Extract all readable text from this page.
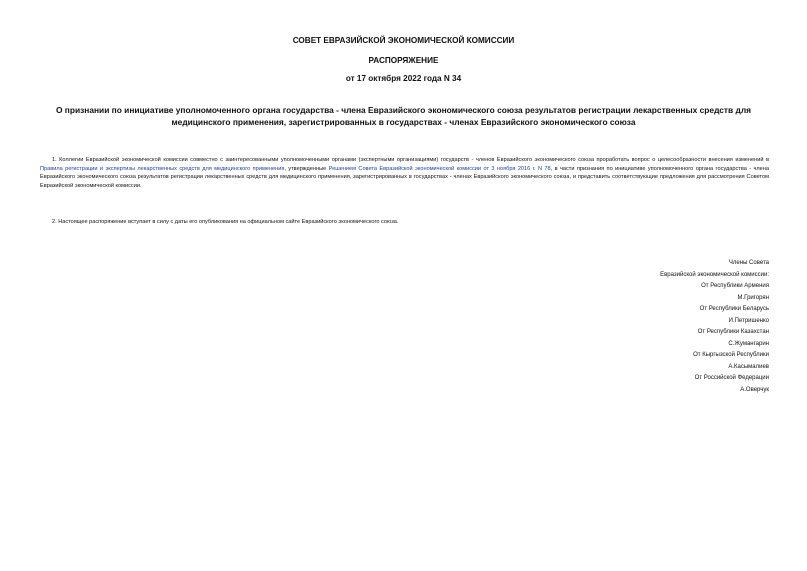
СОВЕТ ЕВРАЗИЙСКОЙ ЭКОНОМИЧЕСКОЙ КОМИССИИ

РАСПОРЯЖЕНИЕ

от 17 октября 2022 года N 34

О признании по инициативе уполномоченного органа государства - члена Евразийского экономического союза результатов регистрации лекарственных средств для медицинского применения, зарегистрированных в государствах - членах Евразийского экономического союза

1. Коллегии Евразийской экономической комиссии совместно с заинтересованными уполномоченными органами (экспертными организациями) государств - членов Евразийского экономического союза проработать вопрос о целесообразности внесения изменений в Правила регистрации и экспертизы лекарственных средств для медицинского применения, утвержденные Решением Совета Евразийской экономической комиссии от 3 ноября 2016 г. N 78, в части признания по инициативе уполномоченного органа государства - члена Евразийского экономического союза результатов регистрации лекарственных средств для медицинского применения, зарегистрированных в государствах - членах Евразийского экономического союза, и представить соответствующие предложения для рассмотрения Советом Евразийской экономической комиссии.

2. Настоящее распоряжение вступает в силу с даты его опубликования на официальном сайте Евразийского экономического союза.

Члены Совета
Евразийской экономической комиссии:
От Республики Армения
М.Григорян
От Республики Беларусь
И.Петришенко
От Республики Казахстан
С.Жумангарин
От Кыргызской Республики
А.Касымалиев
От Российской Федерации
А.Оверчук
